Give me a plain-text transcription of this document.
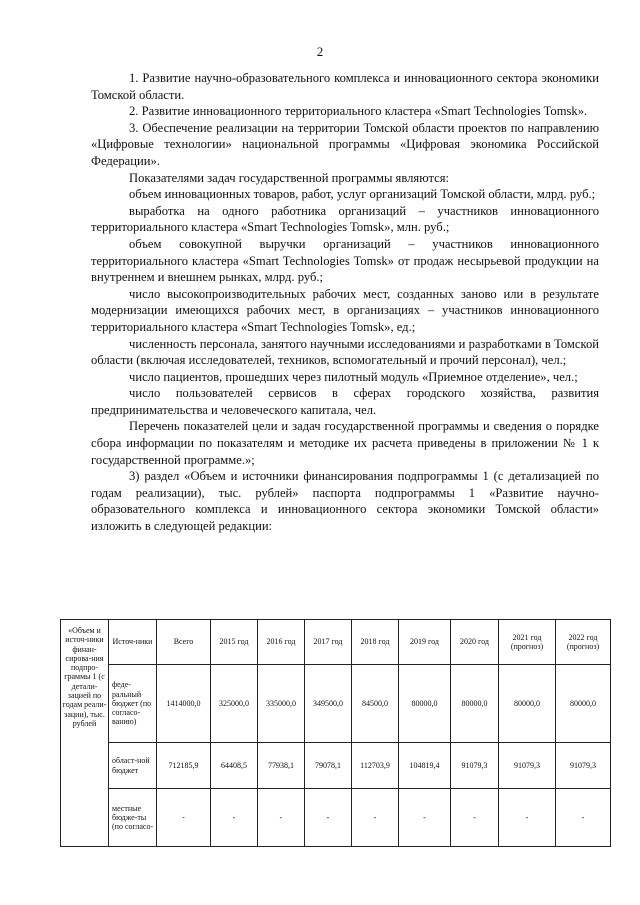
2

1. Развитие научно-образовательного комплекса и инновационного сектора экономики Томской области.

2. Развитие инновационного территориального кластера «Smart Technologies Tomsk».

3. Обеспечение реализации на территории Томской области проектов по направлению «Цифровые технологии» национальной программы «Цифровая экономика Российской Федерации».

Показателями задач государственной программы являются:

объем инновационных товаров, работ, услуг организаций Томской области, млрд. руб.;

выработка на одного работника организаций – участников инновационного территориального кластера «Smart Technologies Tomsk», млн. руб.;

объем совокупной выручки организаций – участников инновационного территориального кластера «Smart Technologies Tomsk» от продаж несырьевой продукции на внутреннем и внешнем рынках, млрд. руб.;

число высокопроизводительных рабочих мест, созданных заново или в результате модернизации имеющихся рабочих мест, в организациях – участников инновационного территориального кластера «Smart Technologies Tomsk», ед.;

численность персонала, занятого научными исследованиями и разработками в Томской области (включая исследователей, техников, вспомогательный и прочий персонал), чел.;

число пациентов, прошедших через пилотный модуль «Приемное отделение», чел.;

число пользователей сервисов в сферах городского хозяйства, развития предпринимательства и человеческого капитала, чел.

Перечень показателей цели и задач государственной программы и сведения о порядке сбора информации по показателям и методике их расчета приведены в приложении № 1 к государственной программе.»;

3) раздел «Объем и источники финансирования подпрограммы 1 (с детализацией по годам реализации), тыс. рублей» паспорта подпрограммы 1 «Развитие научно-образовательного комплекса и инновационного сектора экономики Томской области» изложить в следующей редакции:

«Объем и источ-ники финан-сирова-ния подпро-граммы 1 (с детали-зацией по годам реали-зации), тыс. рублей	Источ-ники	Всего	2015 год	2016 год	2017 год	2018 год	2019 год	2020 год	2021 год (прогноз)	2022 год (прогноз)
	феде-ральный бюджет (по согласо-ванию)	1414000,0	325000,0	335000,0	349500,0	84500,0	80000,0	80000,0	80000,0	80000,0
	област-ной бюджет	712185,9	64408,5	77938,1	79078,1	112703,9	104819,4	91079,3	91079,3	91079,3
	местные бюдже-ты (по согласо-	-	-	-	-	-	-	-	-	-
